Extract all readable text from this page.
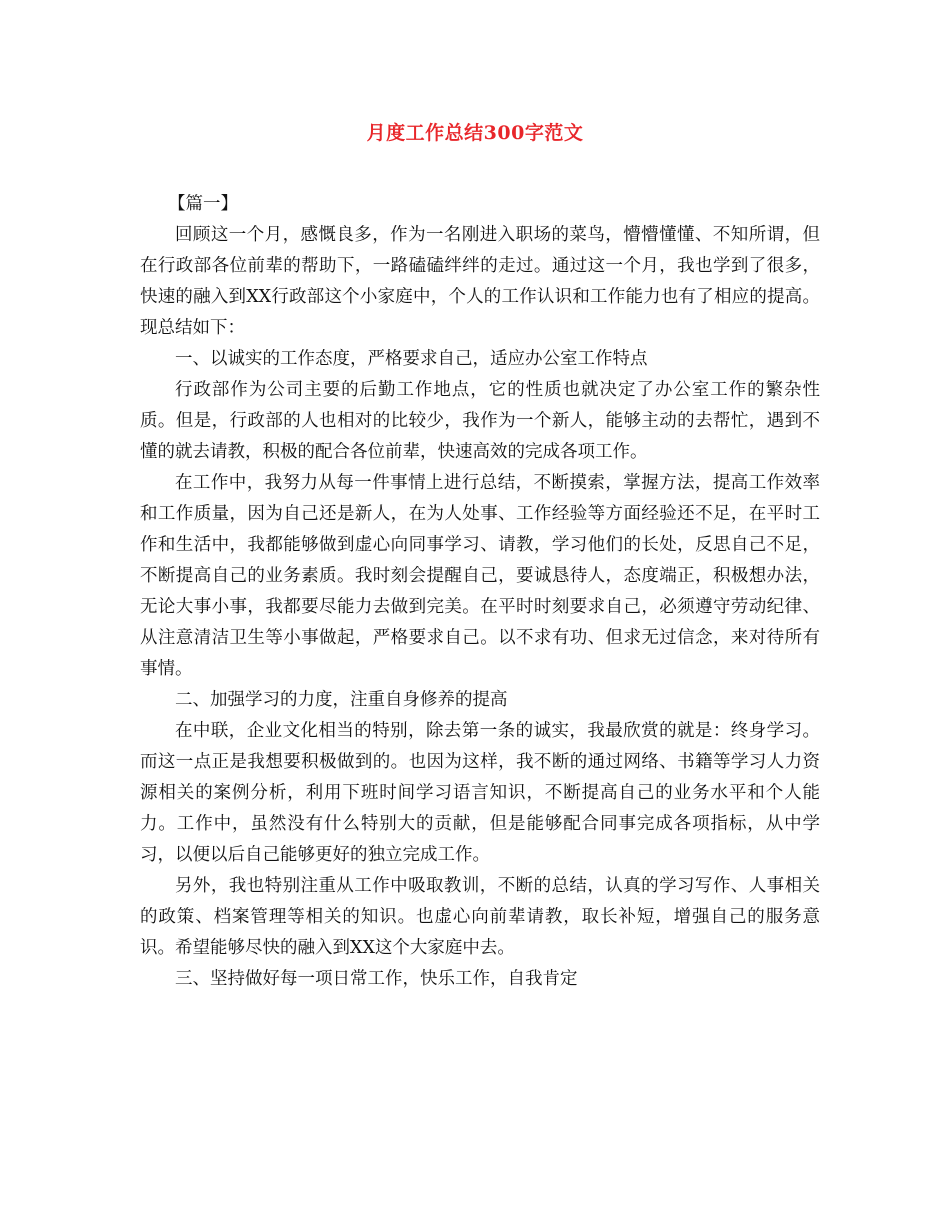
月度工作总结300字范文

【篇一】

回顾这一个月，感慨良多，作为一名刚进入职场的菜鸟，懵懵懂懂、不知所谓，但在行政部各位前辈的帮助下，一路磕磕绊绊的走过。通过这一个月，我也学到了很多，快速的融入到XX行政部这个小家庭中，个人的工作认识和工作能力也有了相应的提高。现总结如下：

一、以诚实的工作态度，严格要求自己，适应办公室工作特点

行政部作为公司主要的后勤工作地点，它的性质也就决定了办公室工作的繁杂性质。但是，行政部的人也相对的比较少，我作为一个新人，能够主动的去帮忙，遇到不懂的就去请教，积极的配合各位前辈，快速高效的完成各项工作。

在工作中，我努力从每一件事情上进行总结，不断摸索，掌握方法，提高工作效率和工作质量，因为自己还是新人，在为人处事、工作经验等方面经验还不足，在平时工作和生活中，我都能够做到虚心向同事学习、请教，学习他们的长处，反思自己不足，不断提高自己的业务素质。我时刻会提醒自己，要诚恳待人，态度端正，积极想办法，无论大事小事，我都要尽能力去做到完美。在平时时刻要求自己，必须遵守劳动纪律、从注意清洁卫生等小事做起，严格要求自己。以不求有功、但求无过信念，来对待所有事情。

二、加强学习的力度，注重自身修养的提高

在中联，企业文化相当的特别，除去第一条的诚实，我最欣赏的就是：终身学习。而这一点正是我想要积极做到的。也因为这样，我不断的通过网络、书籍等学习人力资源相关的案例分析，利用下班时间学习语言知识，不断提高自己的业务水平和个人能力。工作中，虽然没有什么特别大的贡献，但是能够配合同事完成各项指标，从中学习，以便以后自己能够更好的独立完成工作。

另外，我也特别注重从工作中吸取教训，不断的总结，认真的学习写作、人事相关的政策、档案管理等相关的知识。也虚心向前辈请教，取长补短，增强自己的服务意识。希望能够尽快的融入到XX这个大家庭中去。

三、坚持做好每一项日常工作，快乐工作，自我肯定
